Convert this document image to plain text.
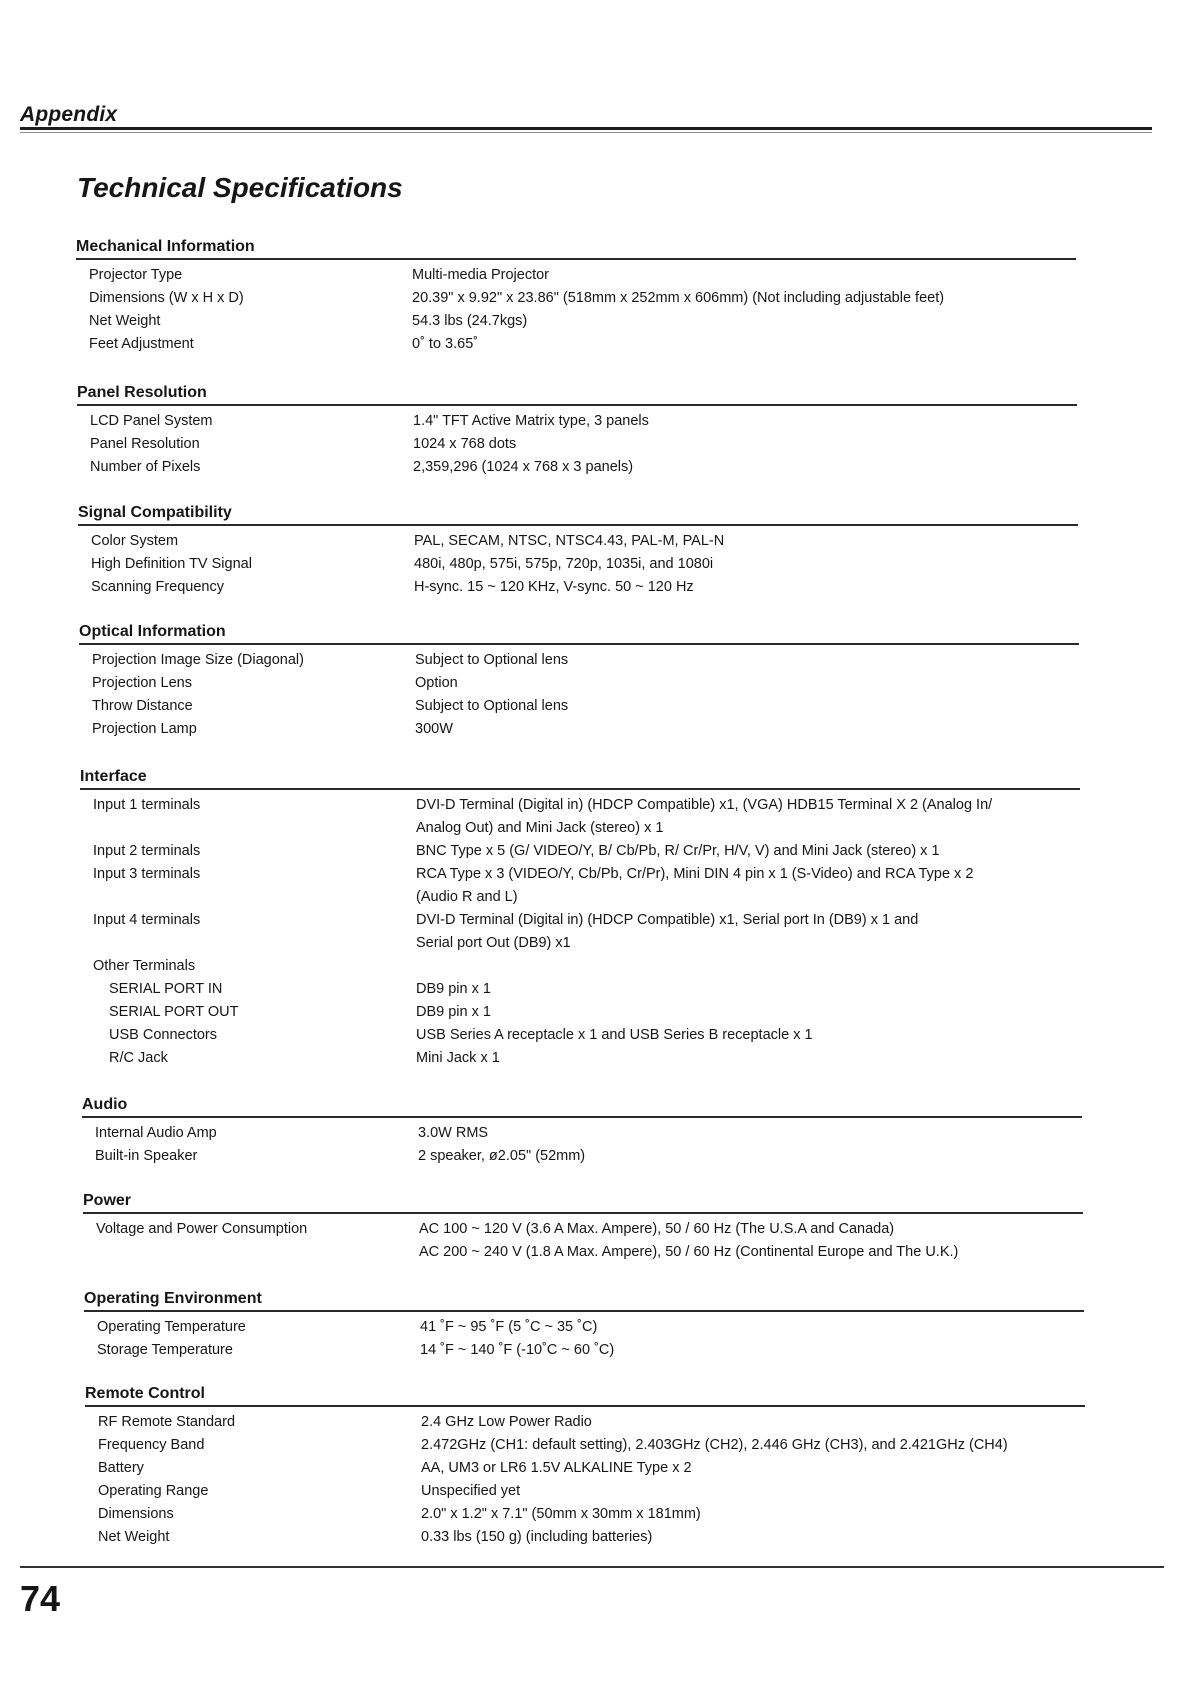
Appendix
Technical Specifications
Mechanical Information
Projector Type	Multi-media Projector
Dimensions (W x H x D)	20.39" x 9.92" x 23.86" (518mm x 252mm x 606mm) (Not including adjustable feet)
Net Weight	54.3 lbs (24.7kgs)
Feet Adjustment	0˚ to 3.65˚
Panel Resolution
LCD Panel System	1.4" TFT Active Matrix type, 3 panels
Panel Resolution	1024 x 768 dots
Number of Pixels	2,359,296 (1024 x 768 x 3 panels)
Signal Compatibility
Color System	PAL, SECAM, NTSC, NTSC4.43, PAL-M, PAL-N
High Definition TV Signal	480i, 480p, 575i, 575p, 720p, 1035i, and 1080i
Scanning Frequency	H-sync. 15 ~ 120 KHz, V-sync. 50 ~ 120 Hz
Optical Information
Projection Image Size (Diagonal)	Subject to Optional lens
Projection Lens	Option
Throw Distance	Subject to Optional lens
Projection Lamp	300W
Interface
Input 1 terminals	DVI-D Terminal (Digital in) (HDCP Compatible) x1, (VGA) HDB15 Terminal X 2 (Analog In/
Analog Out) and Mini Jack (stereo) x 1
Input 2 terminals	BNC Type x 5 (G/ VIDEO/Y, B/ Cb/Pb, R/ Cr/Pr, H/V, V) and Mini Jack (stereo) x 1
Input 3 terminals	RCA Type x 3 (VIDEO/Y, Cb/Pb, Cr/Pr), Mini DIN 4 pin x 1 (S-Video) and RCA Type x 2
(Audio R and L)
Input 4 terminals	DVI-D Terminal (Digital in) (HDCP Compatible) x1, Serial port In (DB9) x 1 and
Serial port Out (DB9) x1
Other Terminals

SERIAL PORT IN	DB9 pin x 1
SERIAL PORT OUT	DB9 pin x 1
USB Connectors	USB Series A receptacle x 1 and USB Series B receptacle x 1
R/C Jack	Mini Jack x 1
Audio
Internal Audio Amp	3.0W RMS
Built-in Speaker	2 speaker, ø2.05" (52mm)
Power
Voltage and Power Consumption	AC 100 ~ 120 V (3.6 A Max. Ampere), 50 / 60 Hz (The U.S.A and Canada)
AC 200 ~ 240 V (1.8 A Max. Ampere), 50 / 60 Hz (Continental Europe and The U.K.)
Operating Environment
Operating Temperature	41 ˚F ~ 95 ˚F (5 ˚C ~ 35 ˚C)
Storage Temperature	14 ˚F ~ 140 ˚F (-10˚C ~ 60 ˚C)
Remote Control
RF Remote Standard	2.4 GHz Low Power Radio
Frequency Band	2.472GHz (CH1: default setting), 2.403GHz (CH2), 2.446 GHz (CH3), and 2.421GHz (CH4)
Battery	AA, UM3 or LR6 1.5V ALKALINE Type x 2
Operating Range	Unspecified yet
Dimensions	2.0" x 1.2" x 7.1" (50mm x 30mm x 181mm)
Net Weight	0.33 lbs (150 g) (including batteries)
74
